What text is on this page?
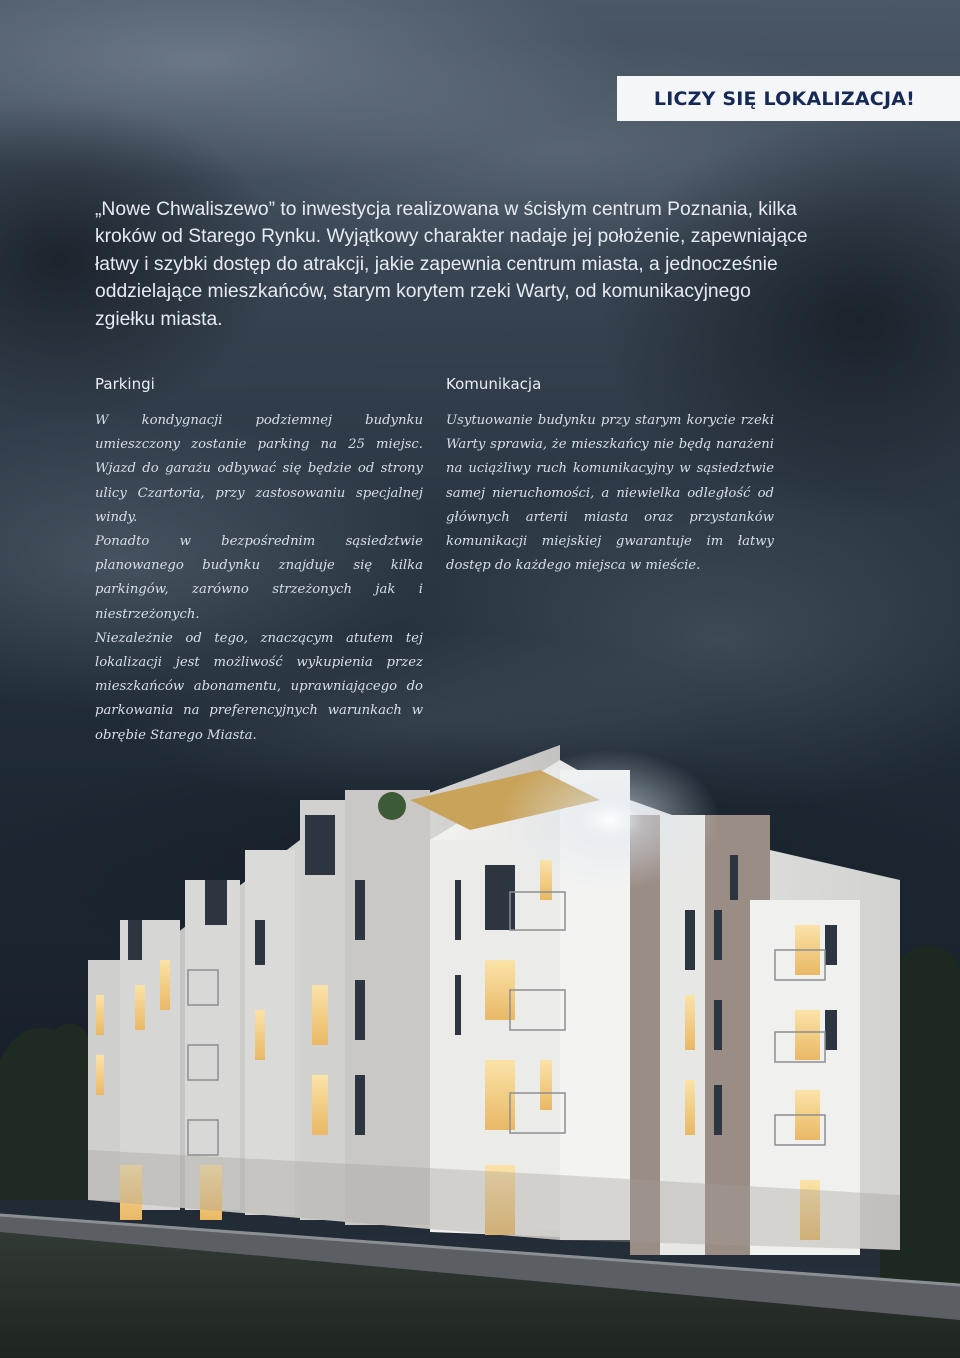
LICZY SIĘ LOKALIZACJA!

„Nowe Chwaliszewo” to inwestycja realizowana w ścisłym centrum Poznania, kilka kroków od Starego Rynku. Wyjątkowy charakter nadaje jej położenie, zapewniające łatwy i szybki dostęp do atrakcji, jakie zapewnia centrum miasta, a jednocześnie oddzielające mieszkańców, starym korytem rzeki Warty, od komunikacyjnego zgiełku miasta.

Parkingi

W kondygnacji podziemnej budynku umieszczony zostanie parking na 25 miejsc. Wjazd do garażu odbywać się będzie od strony ulicy Czartoria, przy zastosowaniu specjalnej windy.

Ponadto w bezpośrednim sąsiedztwie planowanego budynku znajduje się kilka parkingów, zarówno strzeżonych jak i niestrzeżonych.

Niezależnie od tego, znaczącym atutem tej lokalizacji jest możliwość wykupienia przez mieszkańców abonamentu, uprawniającego do parkowania na preferencyjnych warunkach w obrębie Starego Miasta.

Komunikacja

Usytuowanie budynku przy starym korycie rzeki Warty sprawia, że mieszkańcy nie będą narażeni na uciążliwy ruch komunikacyjny w sąsiedztwie samej nieruchomości, a niewielka odległość od głównych arterii miasta oraz przystanków komunikacji miejskiej gwarantuje im łatwy dostęp do każdego miejsca w mieście.
